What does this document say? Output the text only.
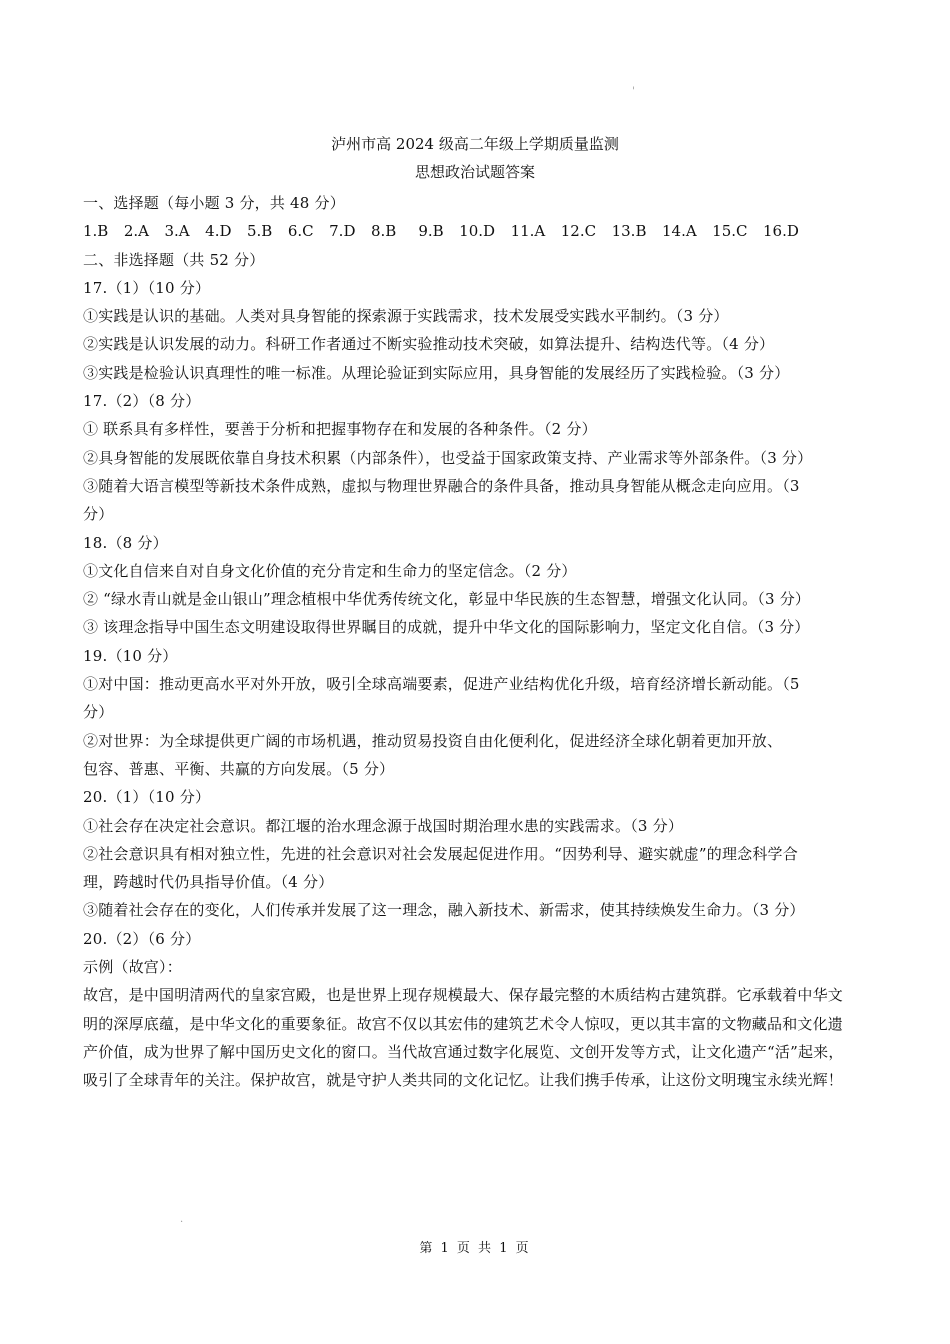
'
泸州市高 2024 级高二年级上学期质量监测
思想政治试题答案
一、选择题（每小题 3 分，共 48 分）
1.B 2.A 3.A 4.D 5.B 6.C 7.D 8.B 9.B 10.D 11.A 12.C 13.B 14.A 15.C 16.D
二、非选择题（共 52 分）
17.（1）（10 分）
①实践是认识的基础。人类对具身智能的探索源于实践需求，技术发展受实践水平制约。（3 分）
②实践是认识发展的动力。科研工作者通过不断实验推动技术突破，如算法提升、结构迭代等。（4 分）
③实践是检验认识真理性的唯一标准。从理论验证到实际应用，具身智能的发展经历了实践检验。（3 分）
17.（2）（8 分）
① 联系具有多样性，要善于分析和把握事物存在和发展的各种条件。（2 分）
②具身智能的发展既依靠自身技术积累（内部条件），也受益于国家政策支持、产业需求等外部条件。（3 分）
③随着大语言模型等新技术条件成熟，虚拟与物理世界融合的条件具备，推动具身智能从概念走向应用。（3
分）
18.（8 分）
①文化自信来自对自身文化价值的充分肯定和生命力的坚定信念。（2 分）
② “绿水青山就是金山银山”理念植根中华优秀传统文化，彰显中华民族的生态智慧，增强文化认同。（3 分）
③ 该理念指导中国生态文明建设取得世界瞩目的成就，提升中华文化的国际影响力，坚定文化自信。（3 分）
19.（10 分）
①对中国：推动更高水平对外开放，吸引全球高端要素，促进产业结构优化升级，培育经济增长新动能。（5
分）
②对世界：为全球提供更广阔的市场机遇，推动贸易投资自由化便利化，促进经济全球化朝着更加开放、
包容、普惠、平衡、共赢的方向发展。（5 分）
20.（1）（10 分）
①社会存在决定社会意识。都江堰的治水理念源于战国时期治理水患的实践需求。（3 分）
②社会意识具有相对独立性，先进的社会意识对社会发展起促进作用。“因势利导、避实就虚”的理念科学合
理，跨越时代仍具指导价值。（4 分）
③随着社会存在的变化，人们传承并发展了这一理念，融入新技术、新需求，使其持续焕发生命力。（3 分）
20.（2）（6 分）
示例（故宫）：
故宫，是中国明清两代的皇家宫殿，也是世界上现存规模最大、保存最完整的木质结构古建筑群。它承载着中华文明的深厚底蕴，是中华文化的重要象征。故宫不仅以其宏伟的建筑艺术令人惊叹，更以其丰富的文物藏品和文化遗产价值，成为世界了解中国历史文化的窗口。当代故宫通过数字化展览、文创开发等方式，让文化遗产“活”起来，吸引了全球青年的关注。保护故宫，就是守护人类共同的文化记忆。让我们携手传承，让这份文明瑰宝永续光辉！
.
第 1 页 共 1 页
